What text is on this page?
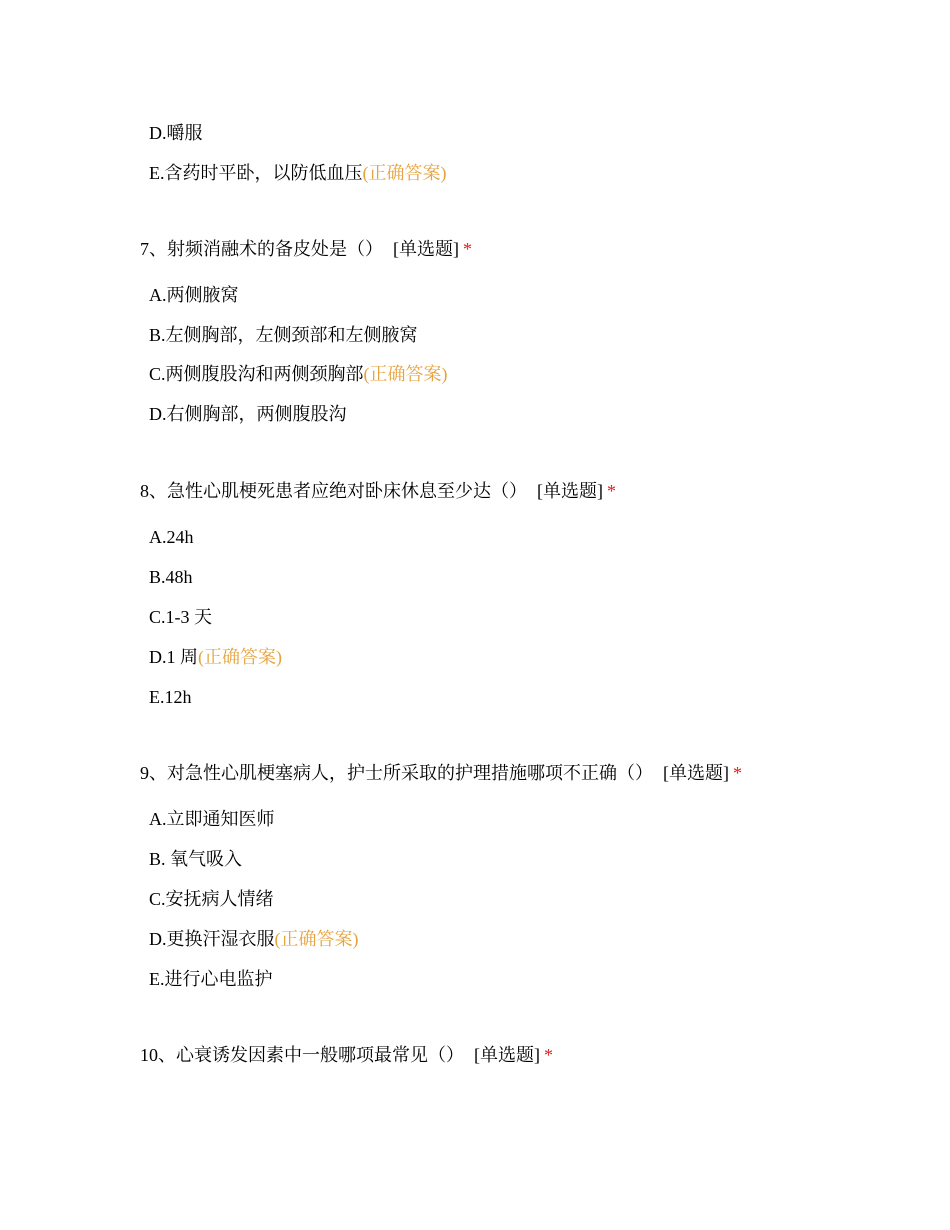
D.嚼服
E.含药时平卧，以防低血压(正确答案)
7、射频消融术的备皮处是（） [单选题] *
A.两侧腋窝
B.左侧胸部，左侧颈部和左侧腋窝
C.两侧腹股沟和两侧颈胸部(正确答案)
D.右侧胸部，两侧腹股沟
8、急性心肌梗死患者应绝对卧床休息至少达（） [单选题] *
A.24h
B.48h
C.1-3 天
D.1 周(正确答案)
E.12h
9、对急性心肌梗塞病人，护士所采取的护理措施哪项不正确（） [单选题] *
A.立即通知医师
B. 氧气吸入
C.安抚病人情绪
D.更换汗湿衣服(正确答案)
E.进行心电监护
10、心衰诱发因素中一般哪项最常见（） [单选题] *
